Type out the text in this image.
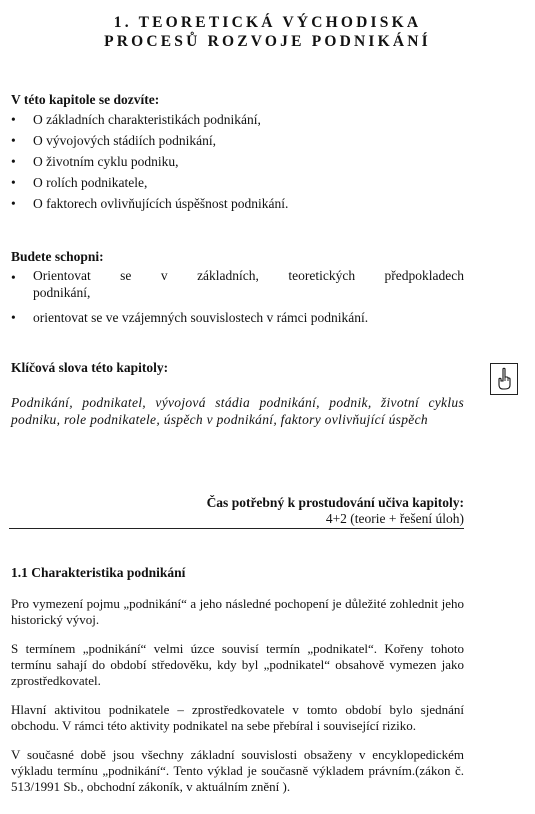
1. TEORETICKÁ VÝCHODISKA
PROCESŮ ROZVOJE PODNIKÁNÍ
V této kapitole se dozvíte:
• O základních charakteristikách podnikání,
• O vývojových stádiích podnikání,
• O životním cyklu podniku,
• O rolích podnikatele,
• O faktorech ovlivňujících úspěšnost podnikání.
Budete schopni:
• Orientovat se v základních, teoretických předpokladech
podnikání,
• orientovat se ve vzájemných souvislostech v rámci podnikání.
Klíčová slova této kapitoly:
Podnikání, podnikatel, vývojová stádia podnikání, podnik, životní cyklus podniku, role podnikatele, úspěch v podnikání, faktory ovlivňující úspěch
Čas potřebný k prostudování učiva kapitoly:
4+2 (teorie + řešení úloh)
1.1 Charakteristika podnikání
Pro vymezení pojmu „podnikání“ a jeho následné pochopení je důležité zohlednit jeho historický vývoj.
S termínem „podnikání“ velmi úzce souvisí termín „podnikatel“. Kořeny tohoto termínu sahají do období středověku, kdy byl „podnikatel“ obsahově vymezen jako zprostředkovatel.
Hlavní aktivitou podnikatele – zprostředkovatele v tomto období bylo sjednání obchodu. V rámci této aktivity podnikatel na sebe přebíral i související riziko.
V současné době jsou všechny základní souvislosti obsaženy v encyklopedickém výkladu termínu „podnikání“. Tento výklad je současně výkladem právním.(zákon č. 513/1991 Sb., obchodní zákoník, v aktuálním znění ).
